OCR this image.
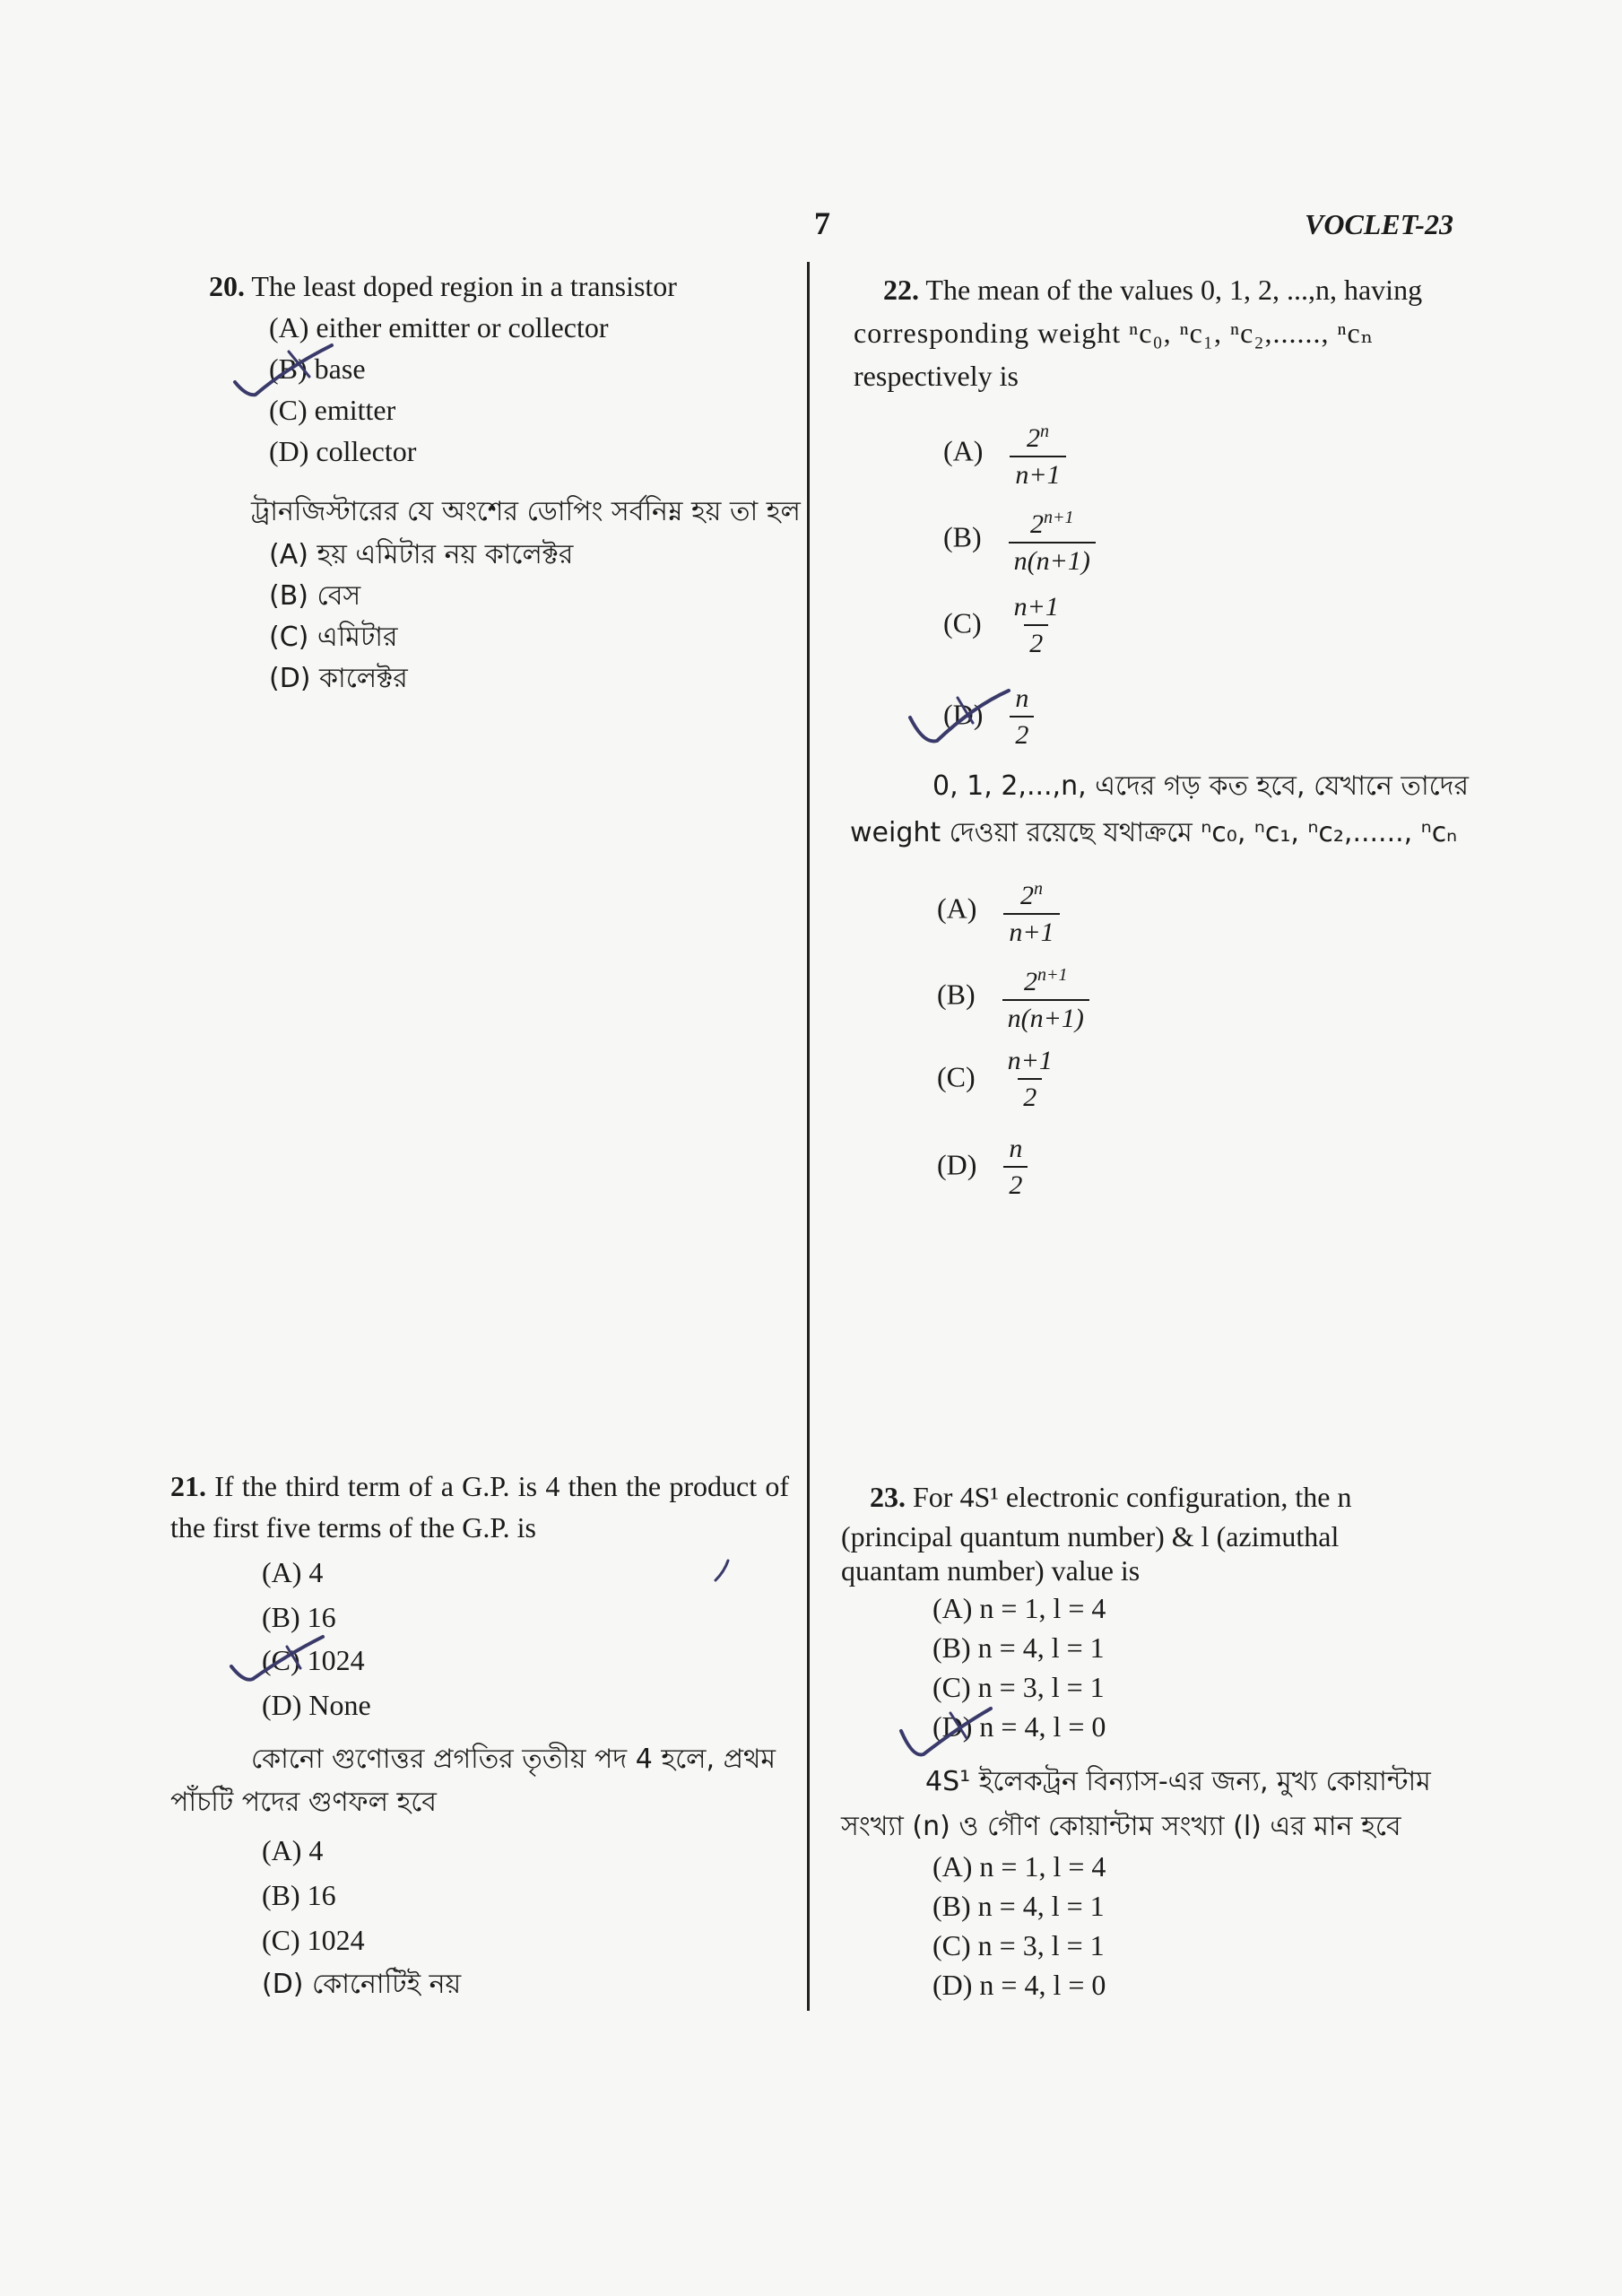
7	VOCLET-23
20. The least doped region in a transistor
(A) either emitter or collector
(B) base
(C) emitter
(D) collector
ট্রানজিস্টারের যে অংশের ডোপিং সর্বনিম্ন হয় তা হল
(A) হয় এমিটার নয় কালেক্টর
(B) বেস
(C) এমিটার
(D) কালেক্টর
21. If the third term of a G.P. is 4 then the product of the first five terms of the G.P. is
(A) 4
(B) 16
(C) 1024
(D) None
কোনো গুণোত্তর প্রগতির তৃতীয় পদ 4 হলে, প্রথম পাঁচটি পদের গুণফল হবে
(A) 4
(B) 16
(C) 1024
(D) কোনোটিই নয়
22. The mean of the values 0, 1, 2, ...,n, having
corresponding weight ⁿc₀, ⁿc₁, ⁿc₂,......, ⁿcₙ
respectively is
$(A) \frac{2^n}{n+1}$
$(B) \frac{2^{n+1}}{n(n+1)}$
$(C) \frac{n+1}{2}$
$(D) \frac{n}{2}$
0, 1, 2,...,n, এদের গড় কত হবে, যেখানে তাদের
weight দেওয়া রয়েছে যথাক্রমে ⁿc₀, ⁿc₁, ⁿc₂,......, ⁿcₙ
$(A) \frac{2^n}{n+1}$
$(B) \frac{2^{n+1}}{n(n+1)}$
$(C) \frac{n+1}{2}$
$(D) \frac{n}{2}$
23. For 4S¹ electronic configuration, the n
(principal quantum number) & l (azimuthal
quantam number) value is
(A) n = 1, l = 4
(B) n = 4, l = 1
(C) n = 3, l = 1
(D) n = 4, l = 0
4S¹ ইলেকট্রন বিন্যাস-এর জন্য, মুখ্য কোয়ান্টাম
সংখ্যা (n) ও গৌণ কোয়ান্টাম সংখ্যা (l) এর মান হবে
(A) n = 1, l = 4
(B) n = 4, l = 1
(C) n = 3, l = 1
(D) n = 4, l = 0
